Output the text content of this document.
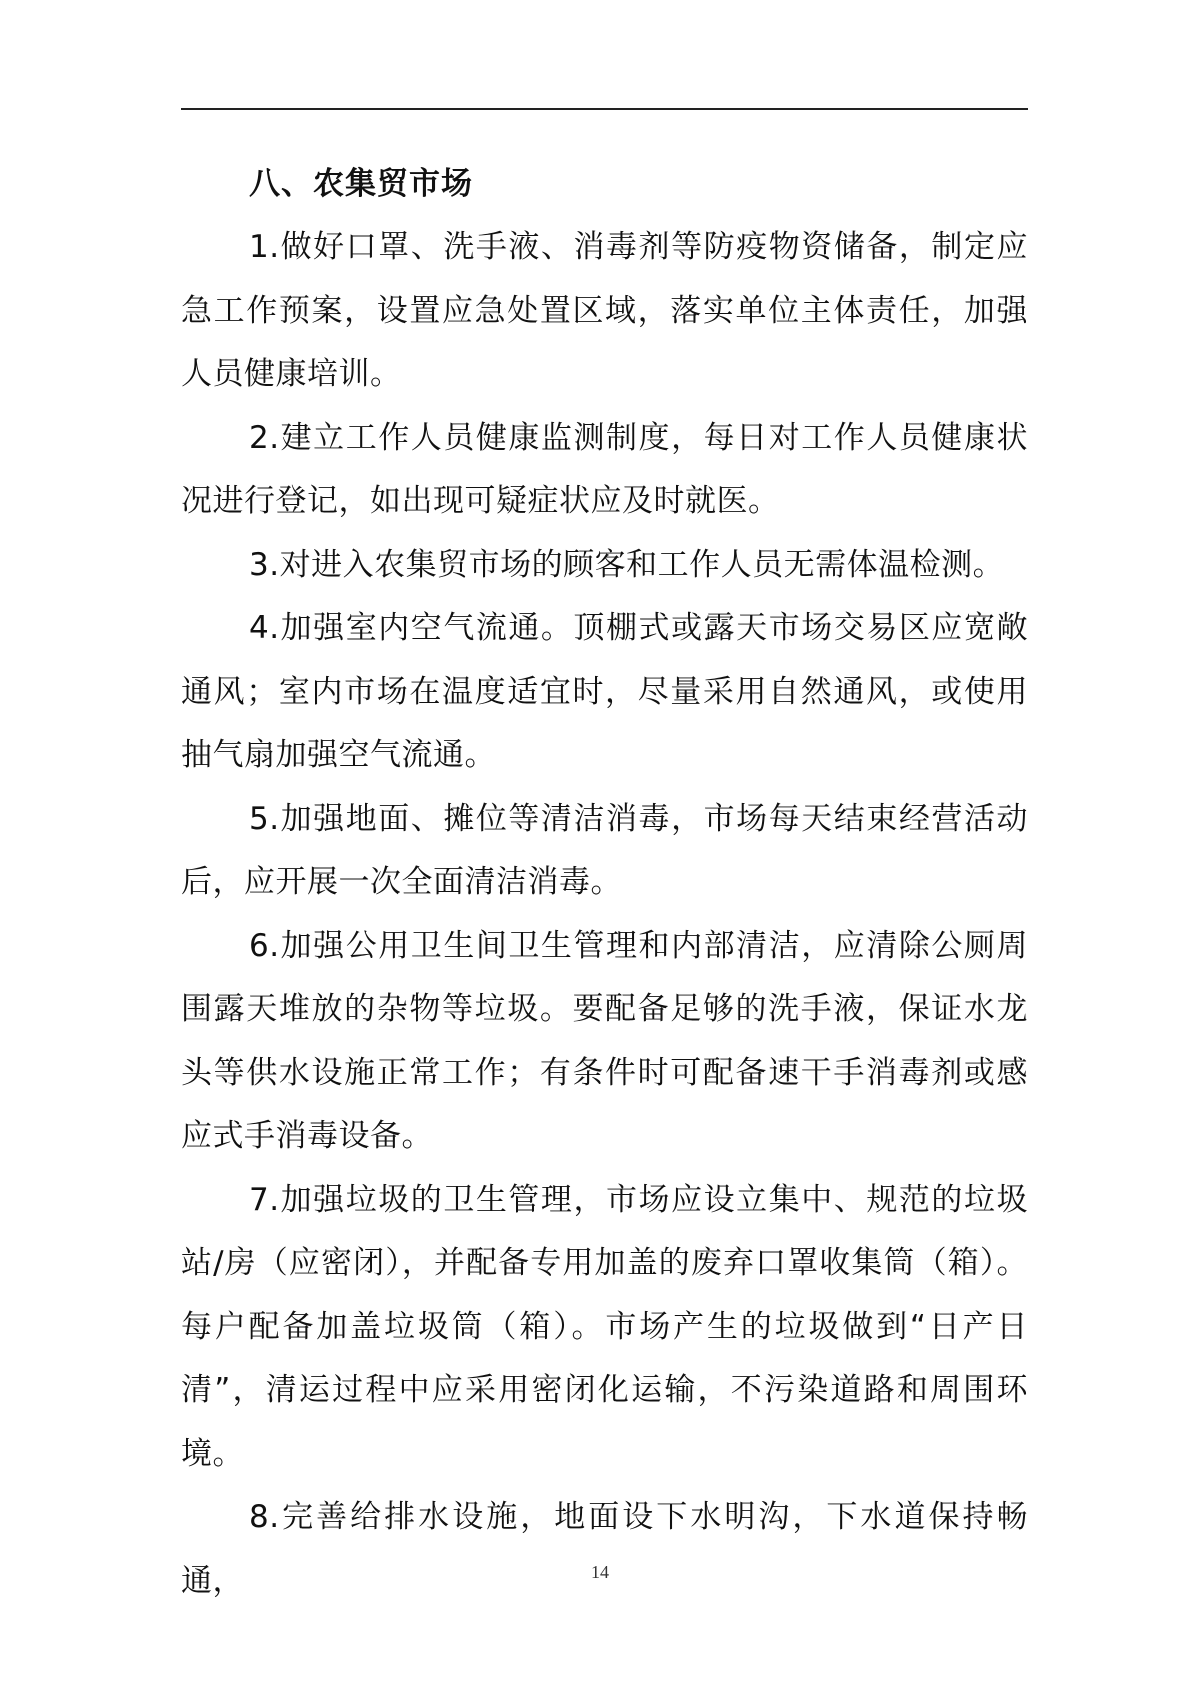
八、农集贸市场

1.做好口罩、洗手液、消毒剂等防疫物资储备，制定应急工作预案，设置应急处置区域，落实单位主体责任，加强人员健康培训。

2.建立工作人员健康监测制度，每日对工作人员健康状况进行登记，如出现可疑症状应及时就医。

3.对进入农集贸市场的顾客和工作人员无需体温检测。

4.加强室内空气流通。顶棚式或露天市场交易区应宽敞通风；室内市场在温度适宜时，尽量采用自然通风，或使用抽气扇加强空气流通。

5.加强地面、摊位等清洁消毒，市场每天结束经营活动后，应开展一次全面清洁消毒。

6.加强公用卫生间卫生管理和内部清洁，应清除公厕周围露天堆放的杂物等垃圾。要配备足够的洗手液，保证水龙头等供水设施正常工作；有条件时可配备速干手消毒剂或感应式手消毒设备。

7.加强垃圾的卫生管理，市场应设立集中、规范的垃圾站/房（应密闭），并配备专用加盖的废弃口罩收集筒（箱）。每户配备加盖垃圾筒（箱）。市场产生的垃圾做到“日产日清”，清运过程中应采用密闭化运输，不污染道路和周围环境。

8.完善给排水设施，地面设下水明沟，下水道保持畅通，	14
